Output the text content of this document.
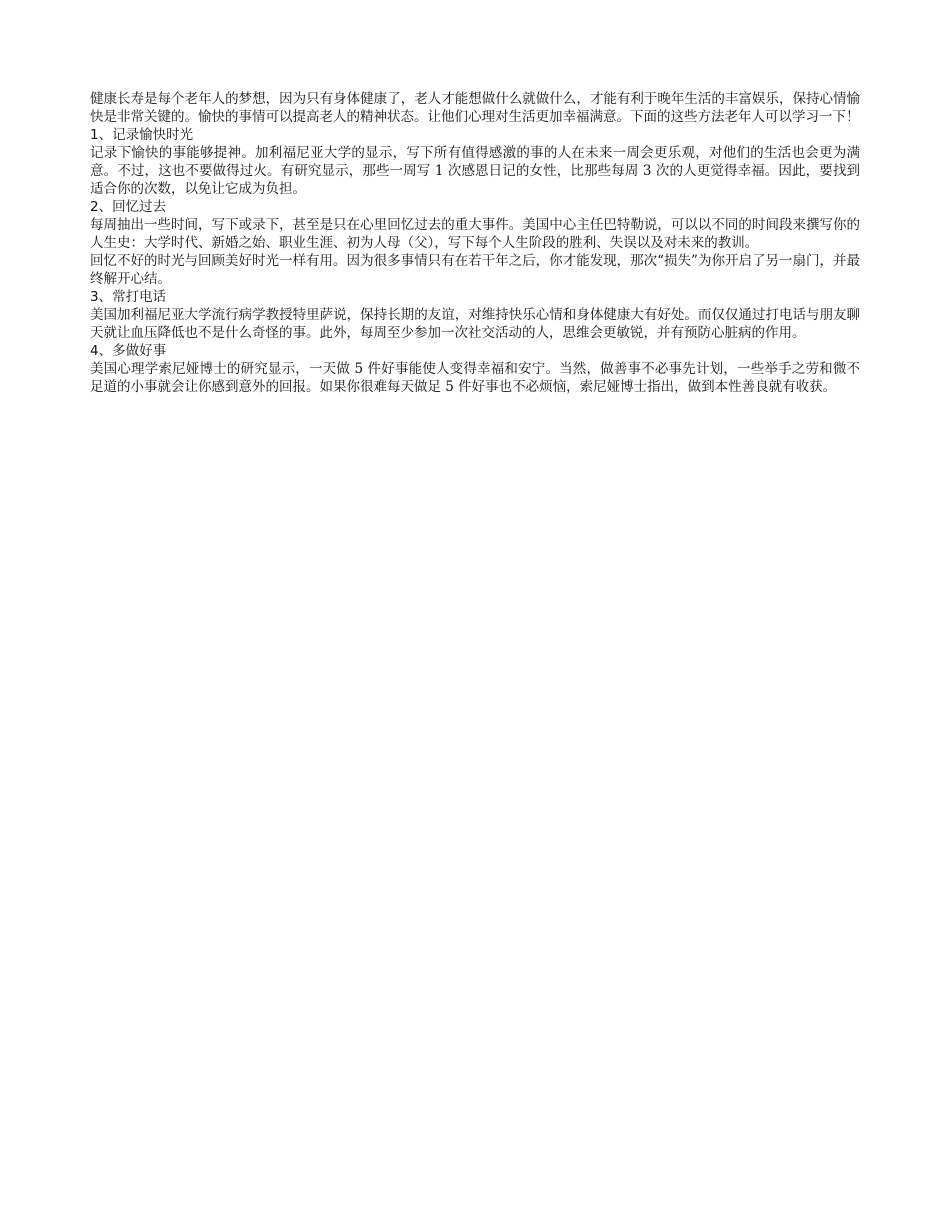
健康长寿是每个老年人的梦想，因为只有身体健康了，老人才能想做什么就做什么，才能有利于晚年生活的丰富娱乐，保持心情愉快是非常关键的。愉快的事情可以提高老人的精神状态。让他们心理对生活更加幸福满意。下面的这些方法老年人可以学习一下！

1、记录愉快时光

记录下愉快的事能够提神。加利福尼亚大学的显示，写下所有值得感激的事的人在未来一周会更乐观，对他们的生活也会更为满意。不过，这也不要做得过火。有研究显示，那些一周写 1 次感恩日记的女性，比那些每周 3 次的人更觉得幸福。因此，要找到适合你的次数，以免让它成为负担。

2、回忆过去

每周抽出一些时间，写下或录下，甚至是只在心里回忆过去的重大事件。美国中心主任巴特勒说，可以以不同的时间段来撰写你的人生史：大学时代、新婚之始、职业生涯、初为人母（父），写下每个人生阶段的胜利、失误以及对未来的教训。

回忆不好的时光与回顾美好时光一样有用。因为很多事情只有在若干年之后，你才能发现，那次“损失”为你开启了另一扇门，并最终解开心结。

3、常打电话

美国加利福尼亚大学流行病学教授特里萨说，保持长期的友谊，对维持快乐心情和身体健康大有好处。而仅仅通过打电话与朋友聊天就让血压降低也不是什么奇怪的事。此外，每周至少参加一次社交活动的人，思维会更敏锐，并有预防心脏病的作用。

4、多做好事

美国心理学索尼娅博士的研究显示，一天做 5 件好事能使人变得幸福和安宁。当然，做善事不必事先计划，一些举手之劳和微不足道的小事就会让你感到意外的回报。如果你很难每天做足 5 件好事也不必烦恼，索尼娅博士指出，做到本性善良就有收获。
